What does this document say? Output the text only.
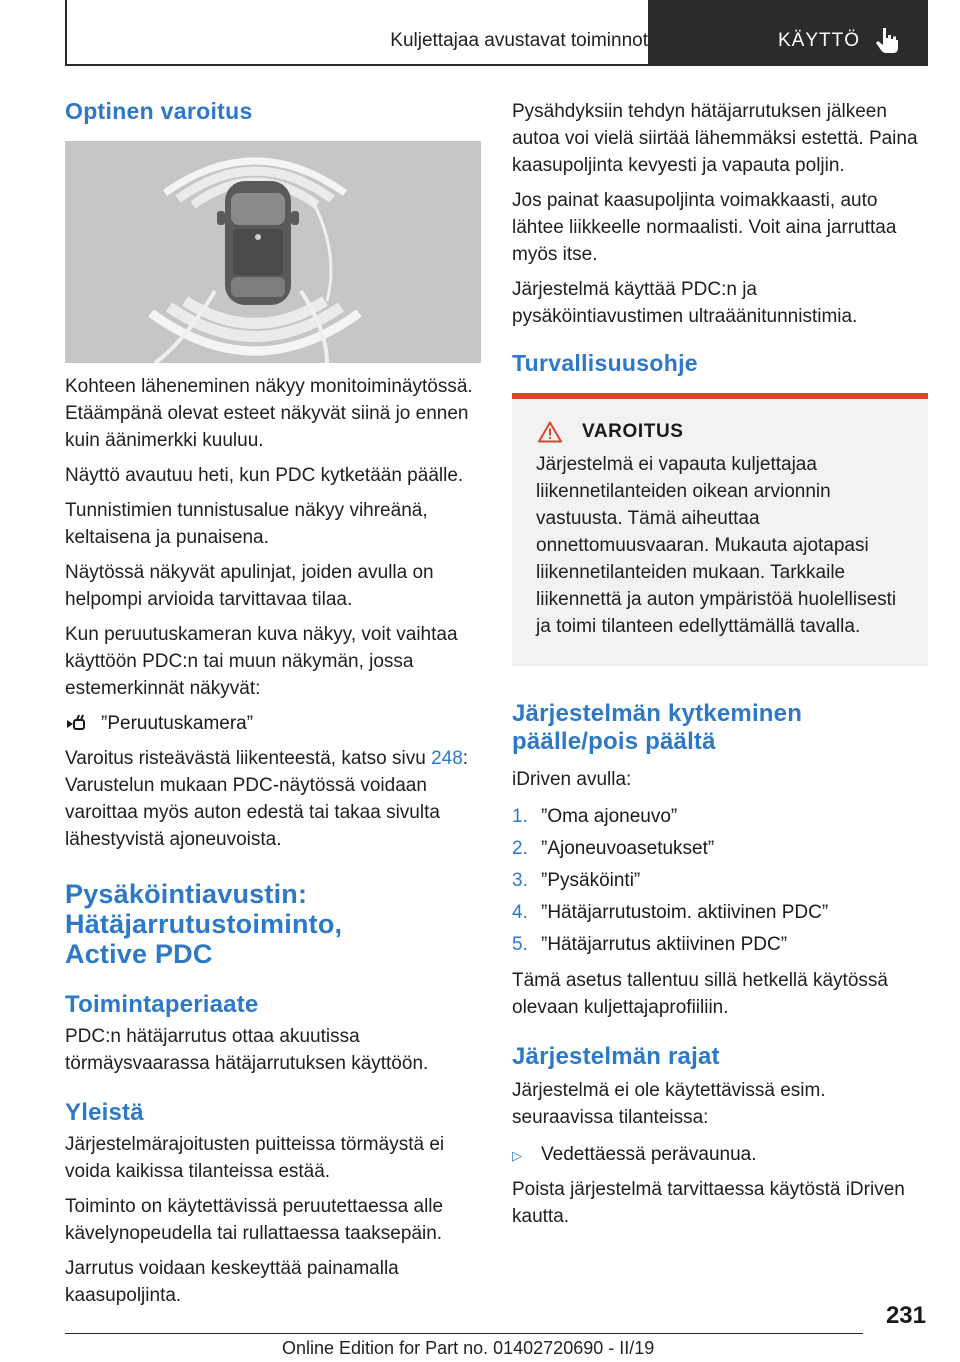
Kuljettajaa avustavat toiminnot	KÄYTTÖ
Optinen varoitus

Kohteen läheneminen näkyy monitoiminäytössä. Etäämpänä olevat esteet näkyvät siinä jo ennen kuin äänimerkki kuuluu.

Näyttö avautuu heti, kun PDC kytketään päälle.

Tunnistimien tunnistusalue näkyy vihreänä, keltaisena ja punaisena.

Näytössä näkyvät apulinjat, joiden avulla on helpompi arvioida tarvittavaa tilaa.

Kun peruutuskameran kuva näkyy, voit vaihtaa käyttöön PDC:n tai muun näkymän, jossa estemerkinnät näkyvät:

”Peruutuskamera”

Varoitus risteävästä liikenteestä, katso sivu 248:
Varustelun mukaan PDC-näytössä voidaan varoittaa myös auton edestä tai takaa sivulta lähestyvistä ajoneuvoista.

Pysäköintiavustin:
Hätäjarrutustoiminto,
Active PDC
Toimintaperiaate

PDC:n hätäjarrutus ottaa akuutissa törmäysvaarassa hätäjarrutuksen käyttöön.

Yleistä

Järjestelmärajoitusten puitteissa törmäystä ei voida kaikissa tilanteissa estää.

Toiminto on käytettävissä peruutettaessa alle kävelynopeudella tai rullattaessa taaksepäin.

Jarrutus voidaan keskeyttää painamalla kaasupoljinta.

Pysähdyksiin tehdyn hätäjarrutuksen jälkeen autoa voi vielä siirtää lähemmäksi estettä. Paina kaasupoljinta kevyesti ja vapauta poljin.

Jos painat kaasupoljinta voimakkaasti, auto lähtee liikkeelle normaalisti. Voit aina jarruttaa myös itse.

Järjestelmä käyttää PDC:n ja pysäköintiavustimen ultraäänitunnistimia.

Turvallisuusohje
VAROITUS

Järjestelmä ei vapauta kuljettajaa liikennetilanteiden oikean arvionnin vastuusta. Tämä aiheuttaa onnettomuusvaaran. Mukauta ajotapasi liikennetilanteiden mukaan. Tarkkaile liikennettä ja auton ympäristöä huolellisesti ja toimi tilanteen edellyttämällä tavalla.

Järjestelmän kytkeminen päälle/pois päältä

iDriven avulla:

1. ”Oma ajoneuvo”
2. ”Ajoneuvoasetukset”
3. ”Pysäköinti”
4. ”Hätäjarrutustoim. aktiivinen PDC”
5. ”Hätäjarrutus aktiivinen PDC”

Tämä asetus tallentuu sillä hetkellä käytössä olevaan kuljettajaprofiiliin.

Järjestelmän rajat

Järjestelmä ei ole käytettävissä esim. seuraavissa tilanteissa:

▷	Vedettäessä perävaunua.

Poista järjestelmä tarvittaessa käytöstä iDriven kautta.

231
Online Edition for Part no. 01402720690 - II/19
